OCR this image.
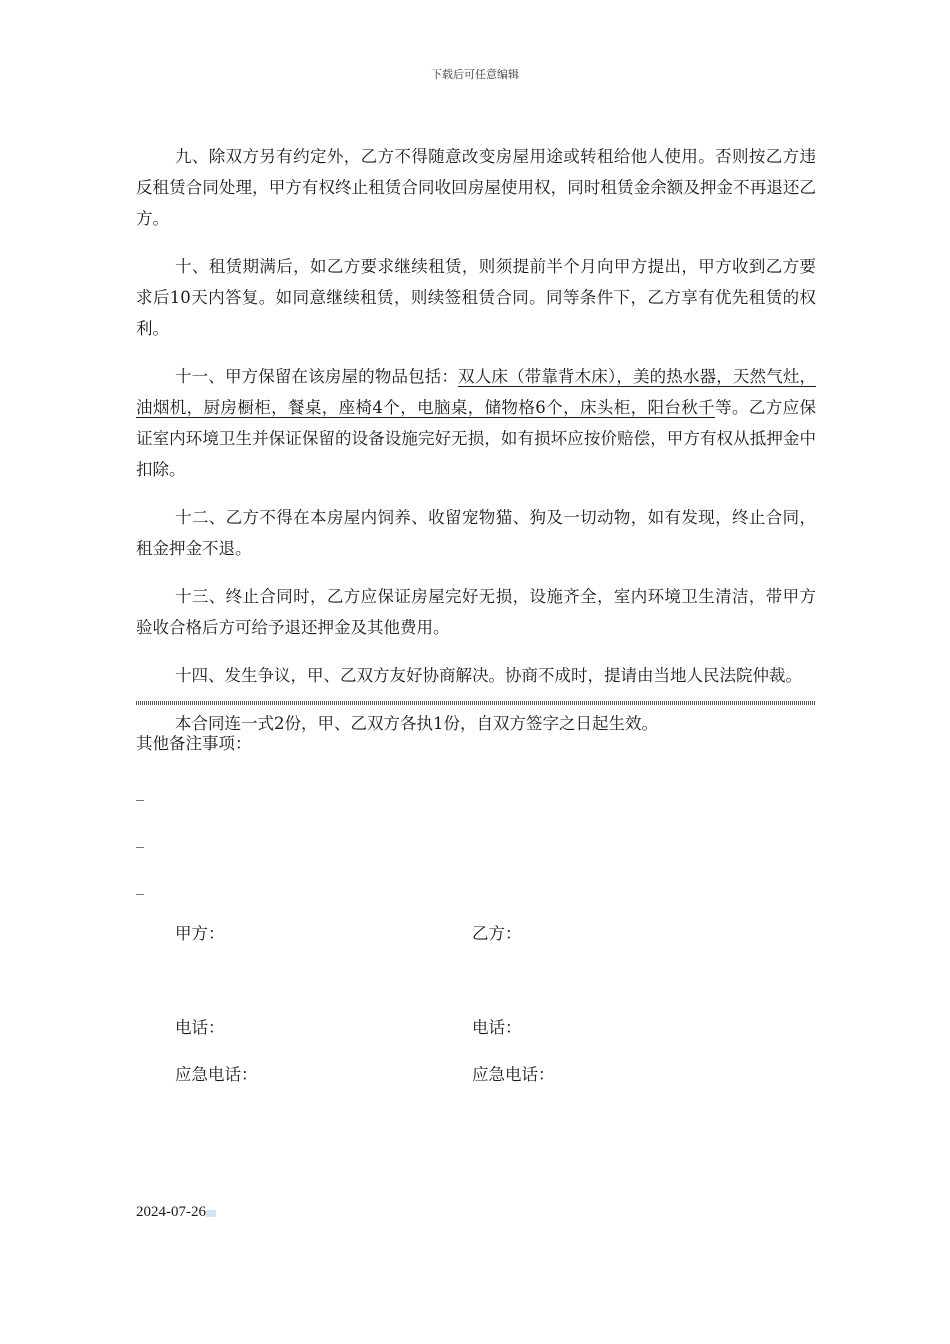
下载后可任意编辑

九、除双方另有约定外，乙方不得随意改变房屋用途或转租给他人使用。否则按乙方违反租赁合同处理，甲方有权终止租赁合同收回房屋使用权，同时租赁金余额及押金不再退还乙方。

十、租赁期满后，如乙方要求继续租赁，则须提前半个月向甲方提出，甲方收到乙方要求后10天内答复。如同意继续租赁，则续签租赁合同。同等条件下，乙方享有优先租赁的权利。

十一、甲方保留在该房屋的物品包括：双人床（带靠背木床），美的热水器，天然气灶，油烟机，厨房橱柜，餐桌，座椅4个，电脑桌，储物格6个，床头柜，阳台秋千等。乙方应保证室内环境卫生并保证保留的设备设施完好无损，如有损坏应按价赔偿，甲方有权从抵押金中扣除。

十二、乙方不得在本房屋内饲养、收留宠物猫、狗及一切动物，如有发现，终止合同，租金押金不退。

十三、终止合同时，乙方应保证房屋完好无损，设施齐全，室内环境卫生清洁，带甲方验收合格后方可给予退还押金及其他费用。

十四、发生争议，甲、乙双方友好协商解决。协商不成时，提请由当地人民法院仲裁。

本合同连一式2份，甲、乙双方各执1份，自双方签字之日起生效。

其他备注事项：
_
_
_
甲方：	乙方：
电话：	电话：
应急电话：	应急电话：
2024-07-26
